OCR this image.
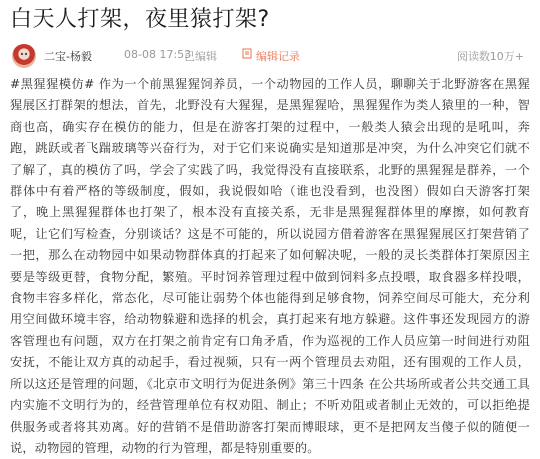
白天人打架，夜里猿打架?
二宝-杨毅	08-08 17:53
已编辑	编辑记录	阅读数 10万+

#黑猩猩模仿# 作为一个前黑猩猩饲养员，一个动物园的工作人员，聊聊关于北野游客在黑猩猩展区打群架的想法，首先，北野没有大猩猩，是黑猩猩哈，黑猩猩作为类人猿里的一种，智商也高，确实存在模仿的能力，但是在游客打架的过程中，一般类人猿会出现的是吼叫，奔跑，跳跃或者飞踹玻璃等兴奋行为，对于它们来说确实是知道那是冲突，为什么冲突它们就不了解了，真的模仿了吗，学会了实践了吗，我觉得没有直接联系，北野的黑猩猩是群养，一个群体中有着严格的等级制度，假如，我说假如哈（谁也没看到，也没图）假如白天游客打架了，晚上黑猩猩群体也打架了，根本没有直接关系，无非是黑猩猩群体里的摩擦，如何教育呢，让它们写检查，分别谈话？这是不可能的，所以说园方借着游客在黑猩猩展区打架营销了一把，那么在动物园中如果动物群体真的打起来了如何解决呢，一般的灵长类群体打架原因主要是等级更替，食物分配，繁殖。平时饲养管理过程中做到饲料多点投喂，取食器多样投喂，食物丰容多样化，常态化，尽可能让弱势个体也能得到足够食物，饲养空间尽可能大，充分利用空间做环境丰容，给动物躲避和选择的机会，真打起来有地方躲避。这件事还发现园方的游客管理也有问题，双方在打架之前肯定有口角矛盾，作为巡视的工作人员应第一时间进行劝阻安抚，不能让双方真的动起手，看过视频，只有一两个管理员去劝阻，还有围观的工作人员，所以这还是管理的问题，《北京市文明行为促进条例》第三十四条 在公共场所或者公共交通工具内实施不文明行为的，经营管理单位有权劝阻、制止；不听劝阻或者制止无效的，可以拒绝提供服务或者将其劝离。好的营销不是借助游客打架而博眼球，更不是把网友当傻子似的随便一说，动物园的管理，动物的行为管理，都是特别重要的。
